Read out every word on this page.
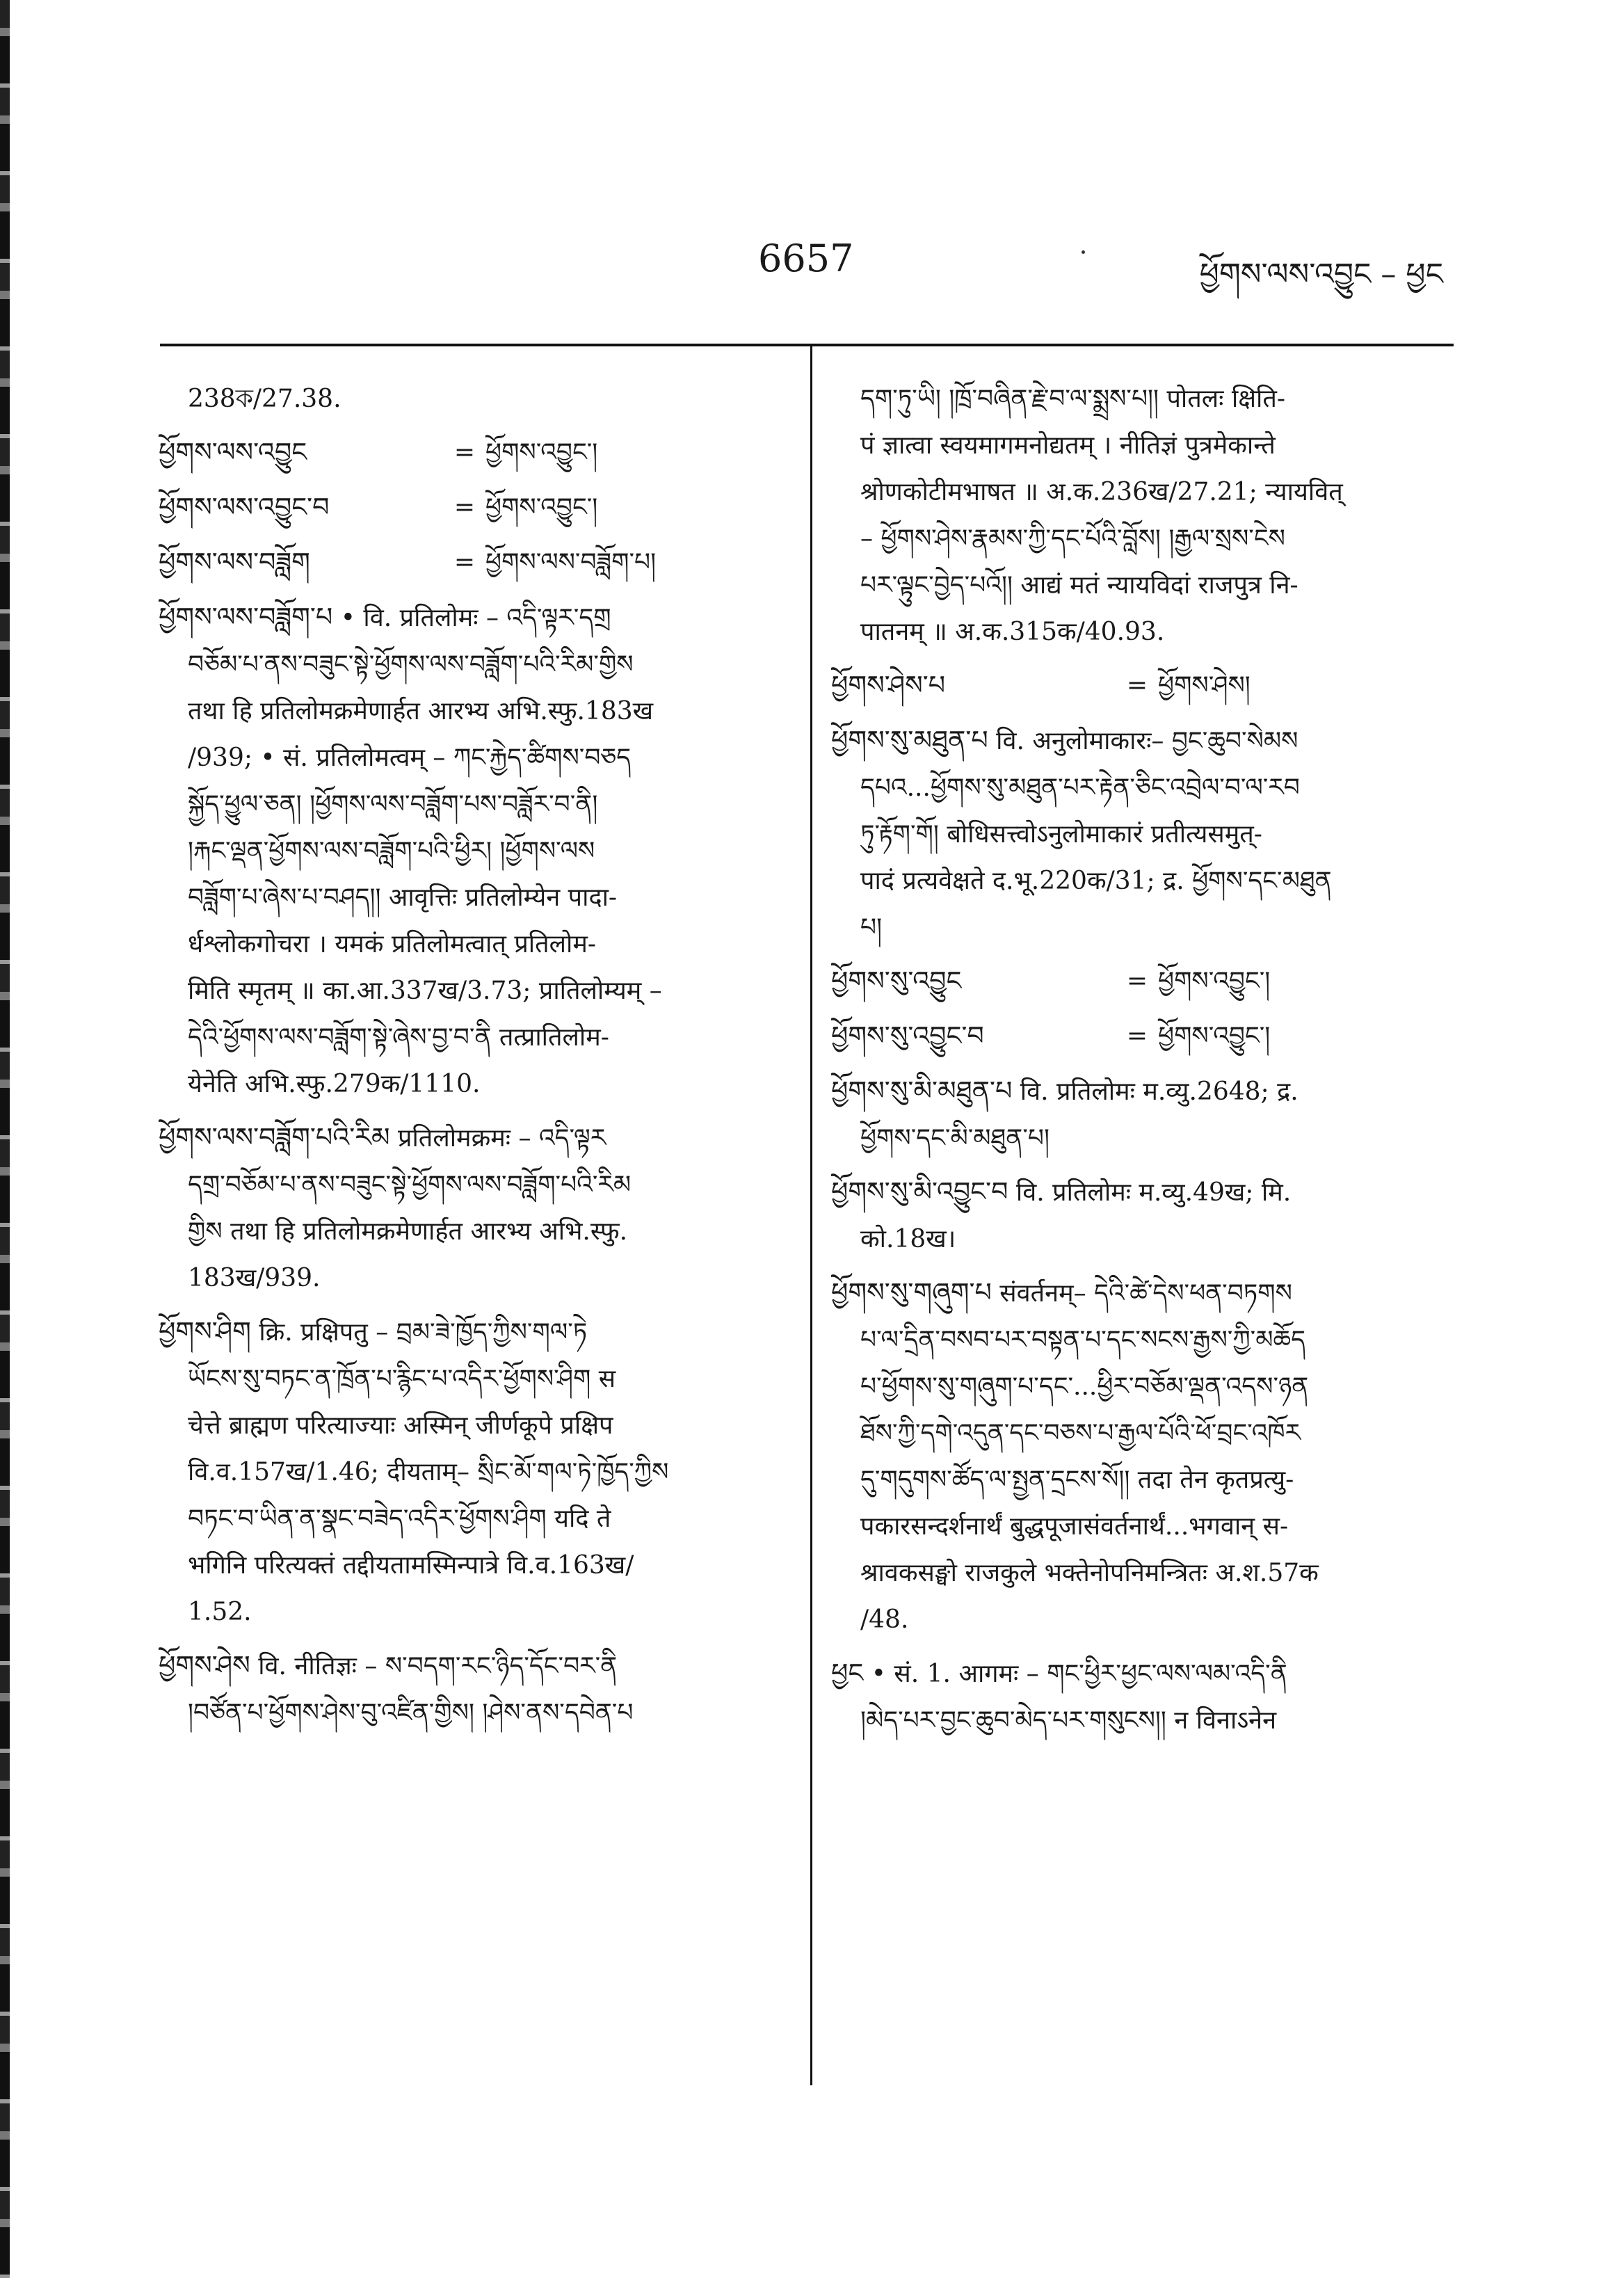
6657	ཕྱོགས་ལས་འབྱུང – ཕྱང

238ক/27.38.

ཕྱོགས་ལས་འབྱུང	= ཕྱོགས་འབྱུང་།
ཕྱོགས་ལས་འབྱུང་བ	= ཕྱོགས་འབྱུང་།
ཕྱོགས་ལས་བཟློག	= ཕྱོགས་ལས་བཟློག་པ།

ཕྱོགས་ལས་བཟློག་པ • वि. प्रतिलोमः – འདི་ལྟར་དགྲ

བཅོམ་པ་ནས་བཟུང་སྟེ་ཕྱོགས་ལས་བཟློག་པའི་རིམ་གྱིས

तथा हि प्रतिलोमक्रमेणार्हत आरभ्य अभि.स्फु.183ख

/939; • सं. प्रतिलोमत्वम् – ཀང་རྐྱེད་ཚིགས་བཅད

སྐྱོད་ཕྱུལ་ཅན། །ཕྱོགས་ལས་བཟློག་པས་བཟློར་བ་ནི།

།རྐང་ལྡན་ཕྱོགས་ལས་བཟློག་པའི་ཕྱིར། །ཕྱོགས་ལས

བཟློག་པ་ཞེས་པ་བཤད།། आवृत्तिः प्रतिलोम्येन पादा-

र्धश्लोकगोचरा । यमकं प्रतिलोमत्वात् प्रतिलोम-

मिति स्मृतम् ॥ का.आ.337ख/3.73; प्रातिलोम्यम् –

དེའི་ཕྱོགས་ལས་བཟློག་སྟེ་ཞེས་བྱ་བ་ནི तत्प्रातिलोम-

येनेति अभि.स्फु.279क/1110.

ཕྱོགས་ལས་བཟློག་པའི་རིམ प्रतिलोमक्रमः – འདི་ལྟར

དགྲ་བཅོམ་པ་ནས་བཟུང་སྟེ་ཕྱོགས་ལས་བཟློག་པའི་རིམ

གྱིས तथा हि प्रतिलोमक्रमेणार्हत आरभ्य अभि.स्फु.

183ख/939.

ཕྱོགས་ཤིག क्रि. प्रक्षिपतु – བྲམ་ཟེ་ཁྱོད་ཀྱིས་གལ་ཏེ

ཡོངས་སུ་བཏང་ན་ཁྲོན་པ་རྙིང་པ་འདིར་ཕྱོགས་ཤིག स

चेत्ते ब्राह्मण परित्याज्याः अस्मिन् जीर्णकूपे प्रक्षिप

वि.व.157ख/1.46; दीयताम्– སྲིང་མོ་གལ་ཏེ་ཁྱོད་ཀྱིས

བཏང་བ་ཡིན་ན་སྣང་བཟེད་འདིར་ཕྱོགས་ཤིག यदि ते

भगिनि परित्यक्तं तद्दीयतामस्मिन्पात्रे वि.व.163ख/

1.52.

ཕྱོགས་ཤེས वि. नीतिज्ञः – ས་བདག་རང་ཉིད་དོང་བར་ནི

།བཙོན་པ་ཕྱོགས་ཤེས་བུ་འཛིན་གྱིས། །ཤེས་ནས་དབེན་པ

དག་ཏུ་ཡི། །ཁྲོ་བཞིན་རྗེ་བ་ལ་སྨྲས་པ།། पोतलः क्षिति-

पं ज्ञात्वा स्वयमागमनोद्यतम् । नीतिज्ञं पुत्रमेकान्ते

श्रोणकोटीमभाषत ॥ अ.क.236ख/27.21; न्यायवित्

– ཕྱོགས་ཤེས་རྣམས་ཀྱི་དང་པོའི་བློས། །རྒྱལ་སྲས་ངེས

པར་ལྟུང་བྱེད་པའོ།། आद्यं मतं न्यायविदां राजपुत्र नि-

पातनम् ॥ अ.क.315क/40.93.

ཕྱོགས་ཤེས་པ	= ཕྱོགས་ཤེས།

ཕྱོགས་སུ་མཐུན་པ वि. अनुलोमाकारः– བྱང་ཆུབ་སེམས

དཔའ...ཕྱོགས་སུ་མཐུན་པར་རྟེན་ཅིང་འབྲེལ་བ་ལ་རབ

ཏུ་རྟོག་གོ། बोधिसत्त्वोऽनुलोमाकारं प्रतीत्यसमुत्-

पादं प्रत्यवेक्षते द.भू.220क/31; द्र. ཕྱོགས་དང་མཐུན

པ།

ཕྱོགས་སུ་འབྱུང	= ཕྱོགས་འབྱུང་།
ཕྱོགས་སུ་འབྱུང་བ	= ཕྱོགས་འབྱུང་།

ཕྱོགས་སུ་མི་མཐུན་པ वि. प्रतिलोमः म.व्यु.2648; द्र.

ཕྱོགས་དང་མི་མཐུན་པ།

ཕྱོགས་སུ་མི་འབྱུང་བ वि. प्रतिलोमः म.व्यु.49ख; मि.

को.18ख।

ཕྱོགས་སུ་གཞུག་པ संवर्तनम्– དེའི་ཚེ་དེས་ཕན་བཏགས

པ་ལ་དྲིན་བསབ་པར་བསྟན་པ་དང་སངས་རྒྱས་ཀྱི་མཆོད

པ་ཕྱོགས་སུ་གཞུག་པ་དང་...ཕྱིར་བཅོམ་ལྡན་འདས་ཉན

ཐོས་ཀྱི་དགེ་འདུན་དང་བཅས་པ་རྒྱལ་པོའི་ཕོ་བྲང་འཁོར

དུ་གདུགས་ཚོད་ལ་སྤྱན་དྲངས་སོ།། तदा तेन कृतप्रत्यु-

पकारसन्दर्शनार्थं बुद्धपूजासंवर्तनार्थं...भगवान् स-

श्रावकसङ्घो राजकुले भक्तेनोपनिमन्त्रितः अ.श.57क

/48.

ཕྱང • सं. 1. आगमः – གང་ཕྱིར་ཕྱང་ལས་ལམ་འདི་ནི

།མེད་པར་བྱང་ཆུབ་མེད་པར་གསུངས།། न विनाऽनेन
